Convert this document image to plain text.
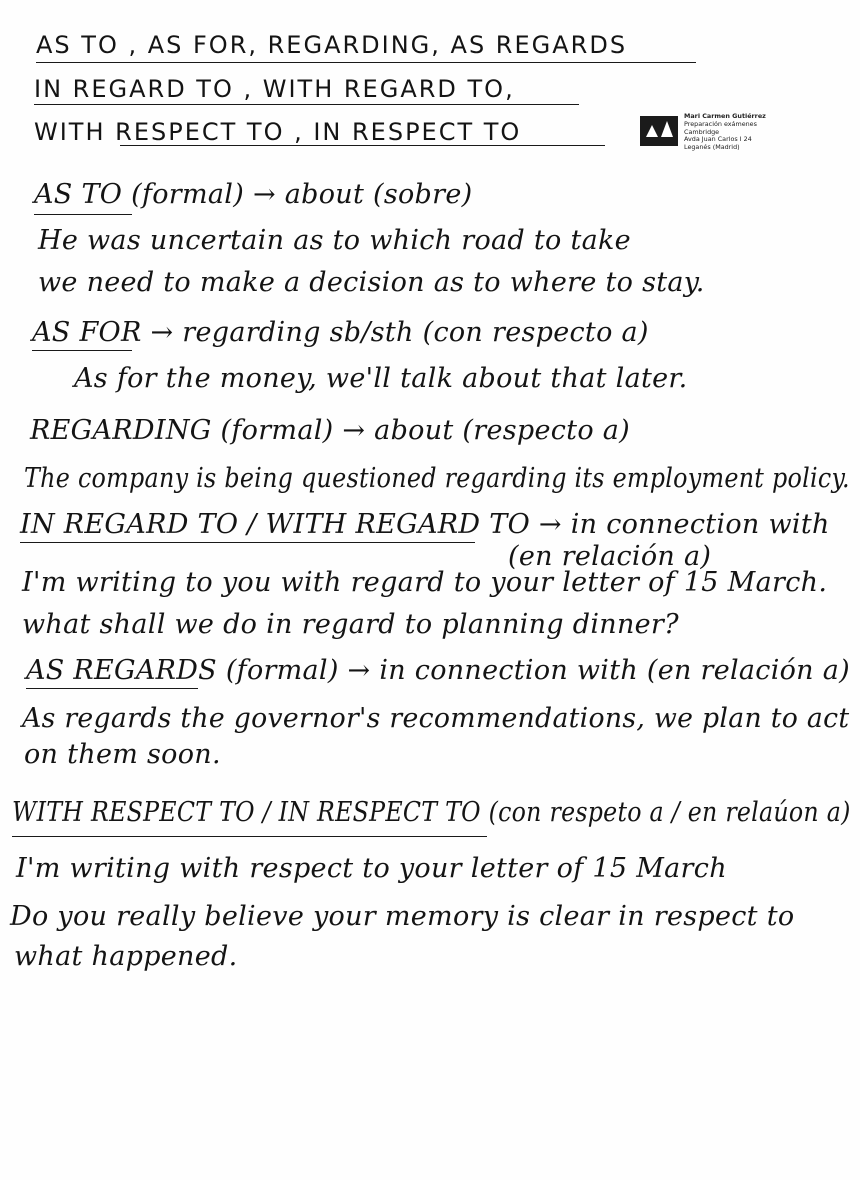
AS TO , AS FOR, REGARDING, AS REGARDS
IN REGARD TO , WITH REGARD TO,
WITH RESPECT TO , IN RESPECT TO
Mari Carmen Gutiérrez
Preparación exámenes
Cambridge
Avda Juan Carlos I 24
Leganés (Madrid)
AS TO (formal) → about (sobre)
He was uncertain as to which road to take
we need to make a decision as to where to stay.
AS FOR → regarding sb/sth (con respecto a)
As for the money, we'll talk about that later.
REGARDING (formal) → about (respecto a)
The company is being questioned regarding its employment policy.
IN REGARD TO / WITH REGARD TO → in connection with
(en relación a)
I'm writing to you with regard to your letter of 15 March.
what shall we do in regard to planning dinner?
AS REGARDS (formal) → in connection with (en relación a)
As regards the governor's recommendations, we plan to act
on them soon.
WITH RESPECT TO / IN RESPECT TO (con respeto a / en relaúon a)
I'm writing with respect to your letter of 15 March
Do you really believe your memory is clear in respect to
what happened.
